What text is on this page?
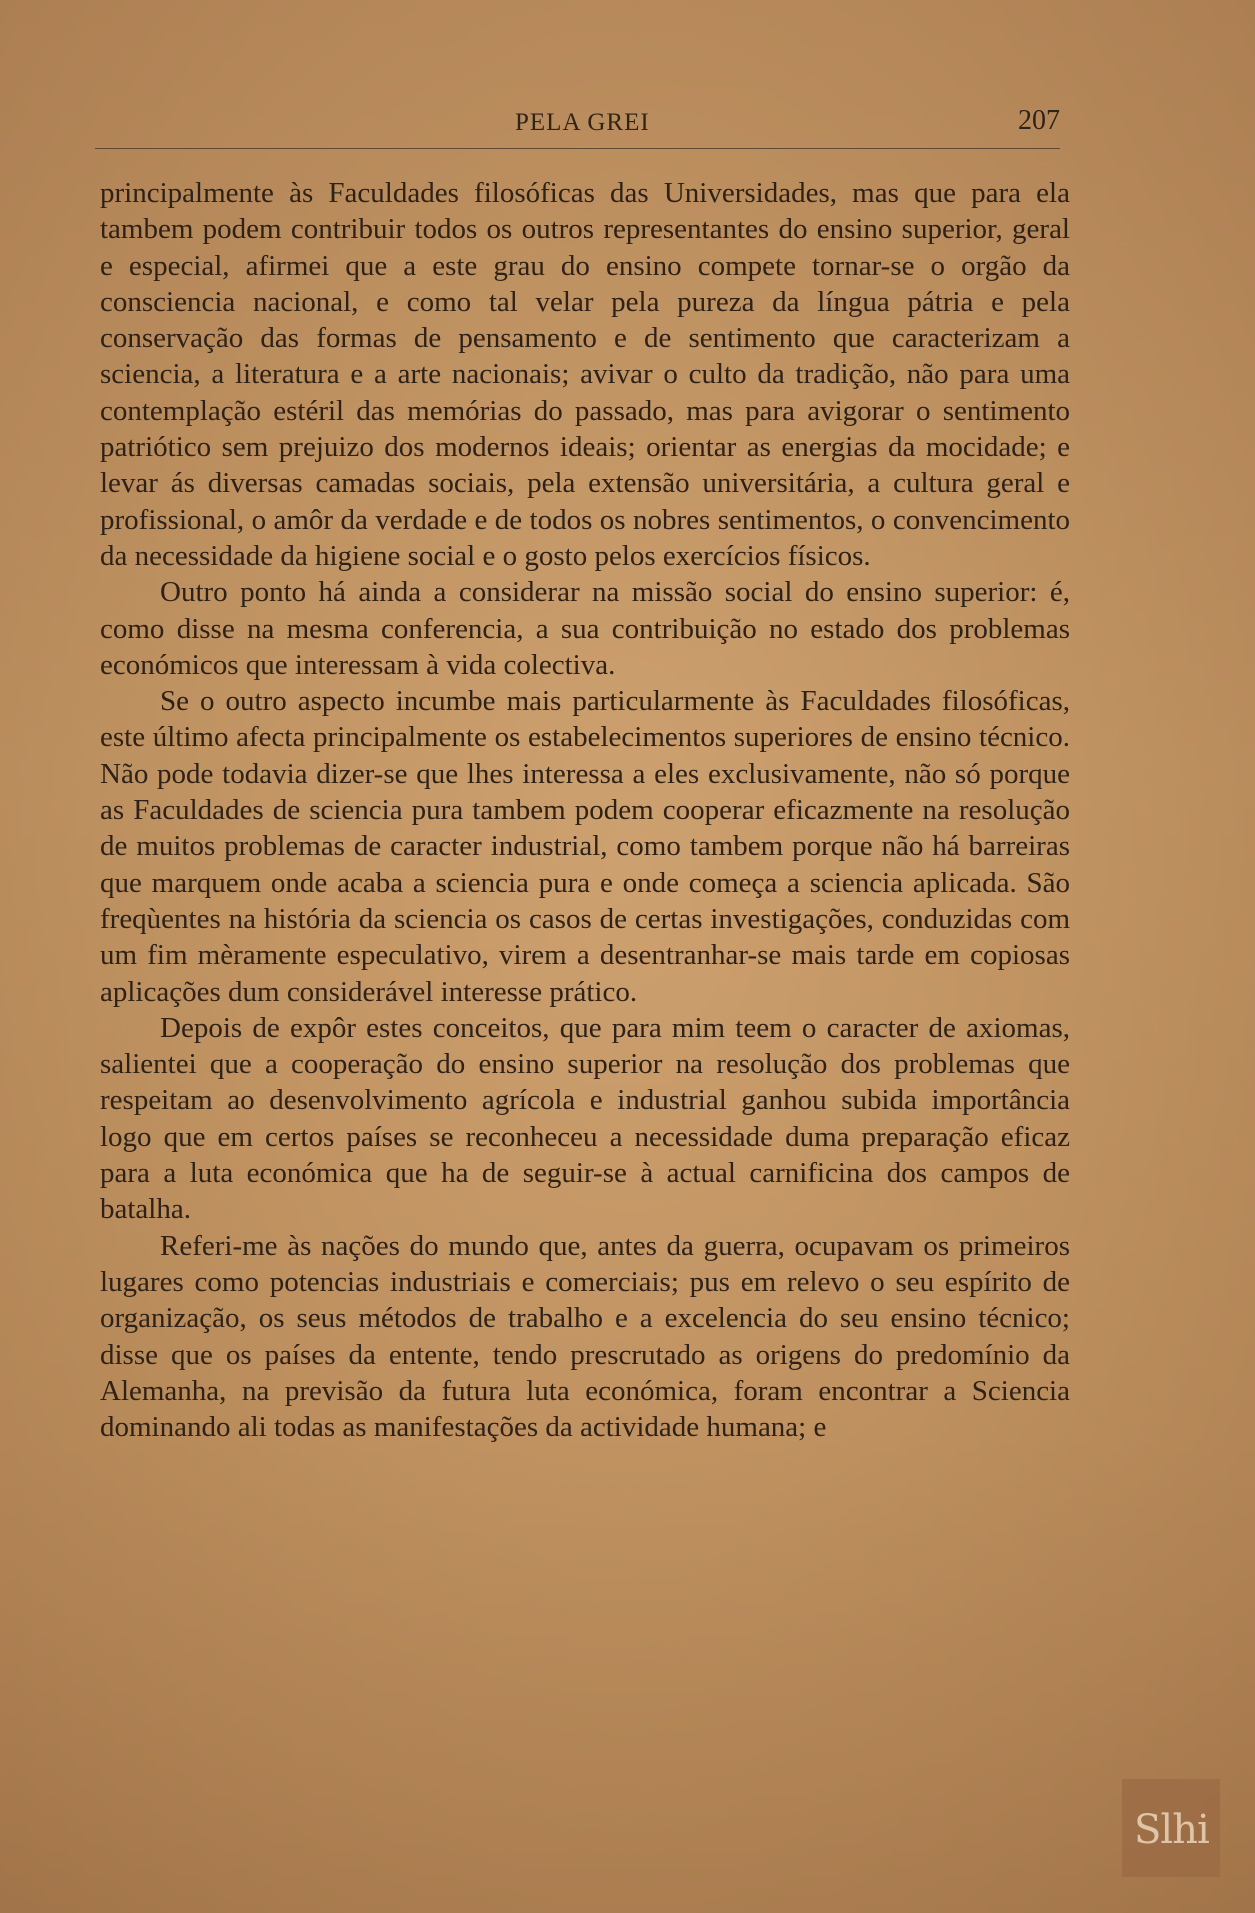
PELA GREI	207

principalmente às Faculdades filosóficas das Universidades, mas que para ela tambem podem contribuir todos os outros representantes do ensino superior, geral e especial, afirmei que a este grau do ensino compete tornar-se o orgão da consciencia nacional, e como tal velar pela pureza da língua pátria e pela conservação das formas de pensamento e de sentimento que caracterizam a sciencia, a literatura e a arte nacionais; avivar o culto da tradição, não para uma contemplação estéril das memórias do passado, mas para avigorar o sentimento patriótico sem prejuizo dos modernos ideais; orientar as energias da mocidade; e levar ás diversas camadas sociais, pela extensão universitária, a cultura geral e profissional, o amôr da verdade e de todos os nobres sentimentos, o convencimento da necessidade da higiene social e o gosto pelos exercícios físicos.

Outro ponto há ainda a considerar na missão social do ensino superior: é, como disse na mesma conferencia, a sua contribuição no estado dos problemas económicos que interessam à vida colectiva.

Se o outro aspecto incumbe mais particularmente às Faculdades filosóficas, este último afecta principalmente os estabelecimentos superiores de ensino técnico. Não pode todavia dizer-se que lhes interessa a eles exclusivamente, não só porque as Faculdades de sciencia pura tambem podem cooperar eficazmente na resolução de muitos problemas de caracter industrial, como tambem porque não há barreiras que marquem onde acaba a sciencia pura e onde começa a sciencia aplicada. São freqùentes na história da sciencia os casos de certas investigações, conduzidas com um fim mèramente especulativo, virem a desentranhar-se mais tarde em copiosas aplicações dum considerável interesse prático.

Depois de expôr estes conceitos, que para mim teem o caracter de axiomas, salientei que a cooperação do ensino superior na resolução dos problemas que respeitam ao desenvolvimento agrícola e industrial ganhou subida importância logo que em certos países se reconheceu a necessidade duma preparação eficaz para a luta económica que ha de seguir-se à actual carnificina dos campos de batalha.

Referi-me às nações do mundo que, antes da guerra, ocupavam os primeiros lugares como potencias industriais e comerciais; pus em relevo o seu espírito de organização, os seus métodos de trabalho e a excelencia do seu ensino técnico; disse que os países da entente, tendo prescrutado as origens do predomínio da Alemanha, na previsão da futura luta económica, foram encontrar a Sciencia dominando ali todas as manifestações da actividade humana; e

Slhi
